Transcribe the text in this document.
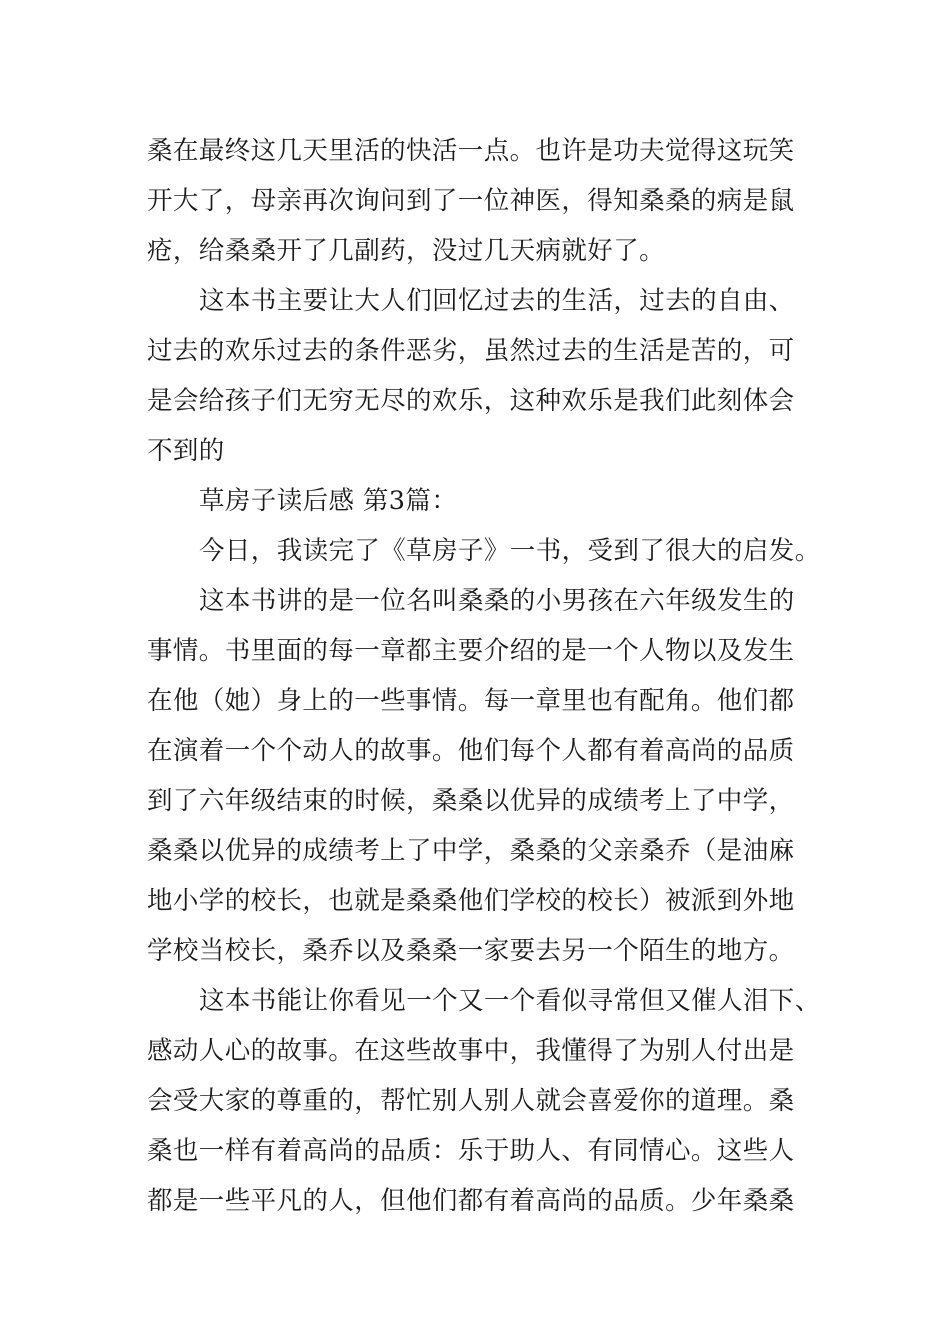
桑在最终这几天里活的快活一点。也许是功夫觉得这玩笑
开大了，母亲再次询问到了一位神医，得知桑桑的病是鼠
疮，给桑桑开了几副药，没过几天病就好了。
这本书主要让大人们回忆过去的生活，过去的自由、
过去的欢乐过去的条件恶劣，虽然过去的生活是苦的，可
是会给孩子们无穷无尽的欢乐，这种欢乐是我们此刻体会
不到的
草房子读后感 第3篇：
今日，我读完了《草房子》一书，受到了很大的启发。
这本书讲的是一位名叫桑桑的小男孩在六年级发生的
事情。书里面的每一章都主要介绍的是一个人物以及发生
在他（她）身上的一些事情。每一章里也有配角。他们都
在演着一个个动人的故事。他们每个人都有着高尚的品质
到了六年级结束的时候，桑桑以优异的成绩考上了中学，
桑桑以优异的成绩考上了中学，桑桑的父亲桑乔（是油麻
地小学的校长，也就是桑桑他们学校的校长）被派到外地
学校当校长，桑乔以及桑桑一家要去另一个陌生的地方。
这本书能让你看见一个又一个看似寻常但又催人泪下、
感动人心的故事。在这些故事中，我懂得了为别人付出是
会受大家的尊重的，帮忙别人别人就会喜爱你的道理。桑
桑也一样有着高尚的品质：乐于助人、有同情心。这些人
都是一些平凡的人，但他们都有着高尚的品质。少年桑桑
